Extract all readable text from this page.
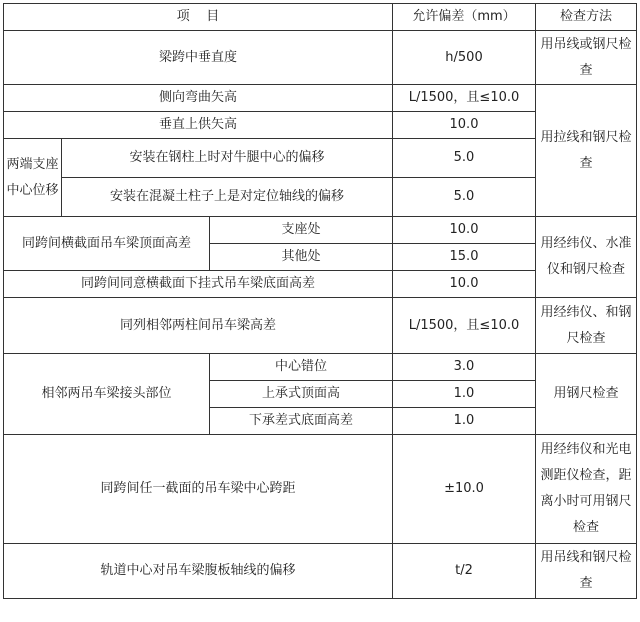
项    目			允许偏差（mm）	检查方法
梁跨中垂直度			h/500	用吊线或钢尺检查
侧向弯曲矢高			L/1500，且≤10.0	用拉线和钢尺检查
垂直上供矢高			10.0	
两端支座中心位移	安装在钢柱上时对牛腿中心的偏移		5.0	
	安装在混凝土柱子上是对定位轴线的偏移		5.0	
同跨间横截面吊车梁顶面高差		支座处	10.0	用经纬仪、水准仪和钢尺检查
		其他处	15.0	
同跨间同意横截面下挂式吊车梁底面高差			10.0	
同列相邻两柱间吊车梁高差			L/1500，且≤10.0	用经纬仪、和钢尺检查
相邻两吊车梁接头部位		中心错位	3.0	用钢尺检查
		上承式顶面高	1.0	
		下承差式底面高差	1.0	
同跨间任一截面的吊车梁中心跨距			±10.0	用经纬仪和光电测距仪检查，距离小时可用钢尺检查
轨道中心对吊车梁腹板轴线的偏移			t/2	用吊线和钢尺检查
